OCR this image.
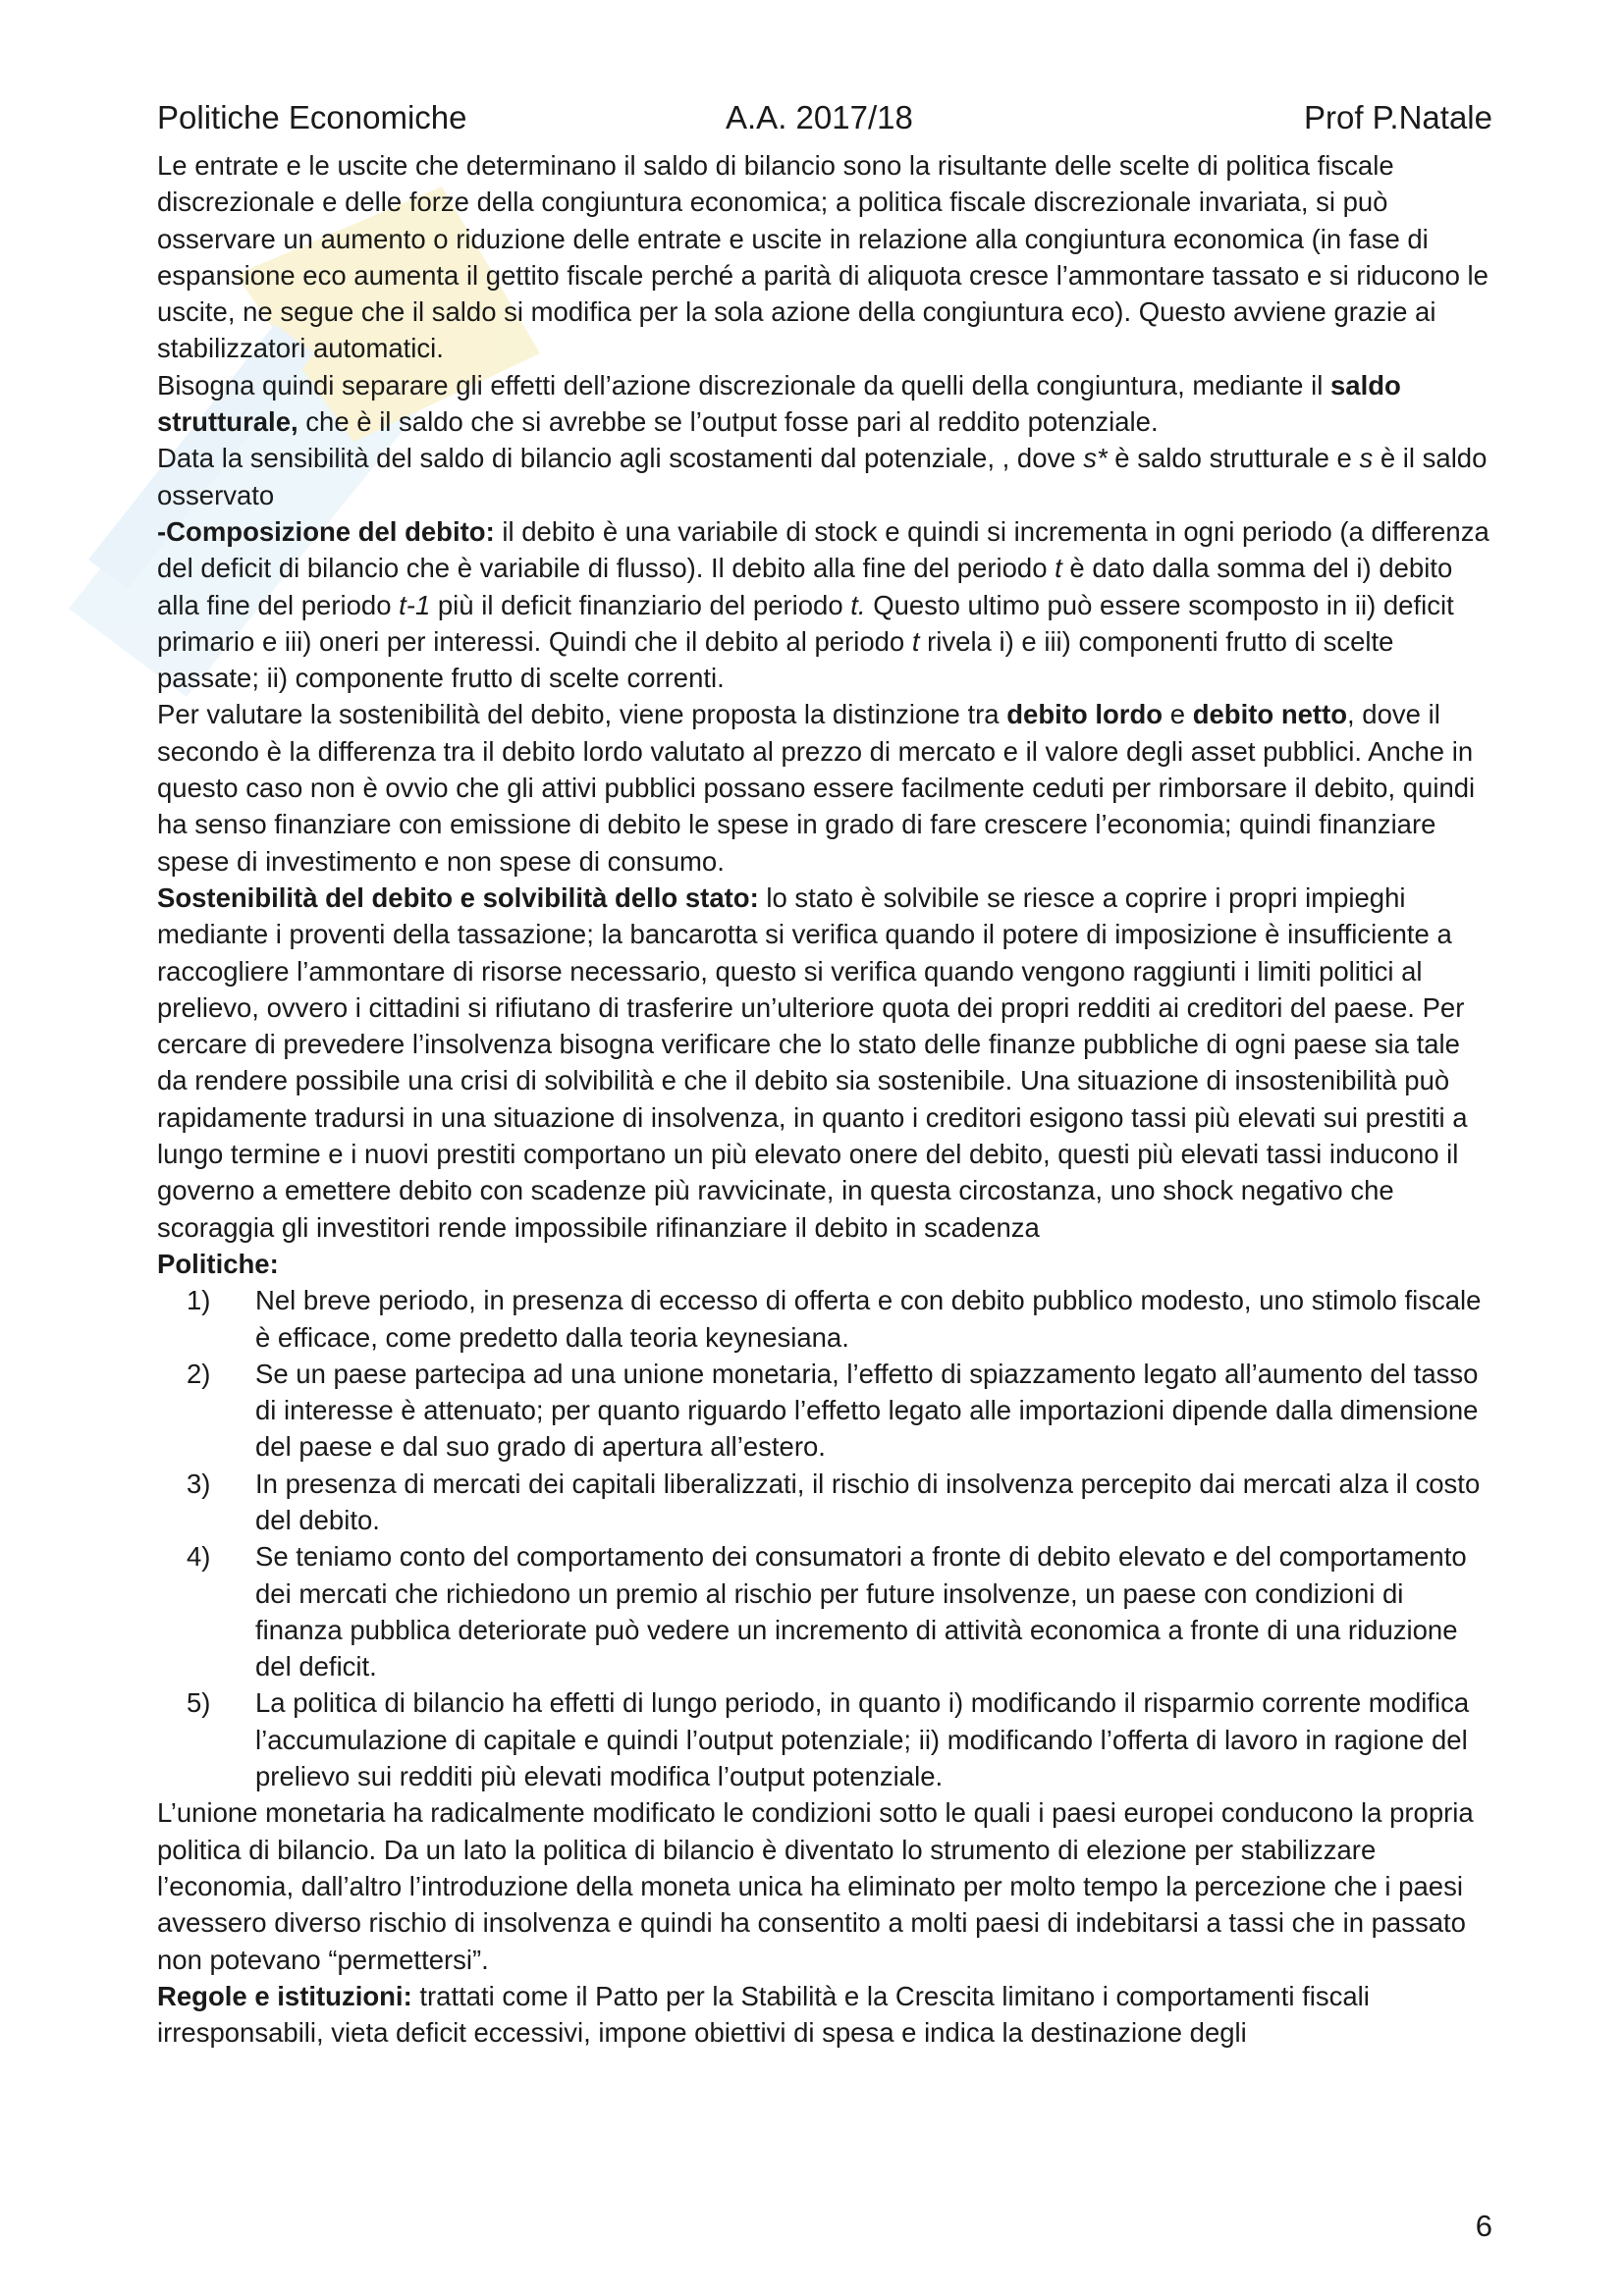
Politiche Economiche	A.A. 2017/18	Prof P.Natale

Le entrate e le uscite che determinano il saldo di bilancio sono la risultante delle scelte di politica fiscale discrezionale e delle forze della congiuntura economica; a politica fiscale discrezionale invariata, si può osservare un aumento o riduzione delle entrate e uscite in relazione alla congiuntura economica (in fase di espansione eco aumenta il gettito fiscale perché a parità di aliquota cresce l’ammontare tassato e si riducono le uscite, ne segue che il saldo si modifica per la sola azione della congiuntura eco). Questo avviene grazie ai stabilizzatori automatici.

Bisogna quindi separare gli effetti dell’azione discrezionale da quelli della congiuntura, mediante il saldo strutturale, che è il saldo che si avrebbe se l’output fosse pari al reddito potenziale.

Data la sensibilità del saldo di bilancio agli scostamenti dal potenziale, , dove s* è saldo strutturale e s è il saldo osservato

-Composizione del debito: il debito è una variabile di stock e quindi si incrementa in ogni periodo (a differenza del deficit di bilancio che è variabile di flusso). Il debito alla fine del periodo t è dato dalla somma del i) debito alla fine del periodo t-1 più il deficit finanziario del periodo t. Questo ultimo può essere scomposto in ii) deficit primario e iii) oneri per interessi. Quindi che il debito al periodo t rivela i) e iii) componenti frutto di scelte passate; ii) componente frutto di scelte correnti.

Per valutare la sostenibilità del debito, viene proposta la distinzione tra debito lordo e debito netto, dove il secondo è la differenza tra il debito lordo valutato al prezzo di mercato e il valore degli asset pubblici. Anche in questo caso non è ovvio che gli attivi pubblici possano essere facilmente ceduti per rimborsare il debito, quindi ha senso finanziare con emissione di debito le spese in grado di fare crescere l’economia; quindi finanziare spese di investimento e non spese di consumo.

Sostenibilità del debito e solvibilità dello stato: lo stato è solvibile se riesce a coprire i propri impieghi mediante i proventi della tassazione; la bancarotta si verifica quando il potere di imposizione è insufficiente a raccogliere l’ammontare di risorse necessario, questo si verifica quando vengono raggiunti i limiti politici al prelievo, ovvero i cittadini si rifiutano di trasferire un’ulteriore quota dei propri redditi ai creditori del paese. Per cercare di prevedere l’insolvenza bisogna verificare che lo stato delle finanze pubbliche di ogni paese sia tale da rendere possibile una crisi di solvibilità e che il debito sia sostenibile. Una situazione di insostenibilità può rapidamente tradursi in una situazione di insolvenza, in quanto i creditori esigono tassi più elevati sui prestiti a lungo termine e i nuovi prestiti comportano un più elevato onere del debito, questi più elevati tassi inducono il governo a emettere debito con scadenze più ravvicinate, in questa circostanza, uno shock negativo che scoraggia gli investitori rende impossibile rifinanziare il debito in scadenza

Politiche:

1) Nel breve periodo, in presenza di eccesso di offerta e con debito pubblico modesto, uno stimolo fiscale è efficace, come predetto dalla teoria keynesiana.
2) Se un paese partecipa ad una unione monetaria, l’effetto di spiazzamento legato all’aumento del tasso di interesse è attenuato; per quanto riguardo l’effetto legato alle importazioni dipende dalla dimensione del paese e dal suo grado di apertura all’estero.
3) In presenza di mercati dei capitali liberalizzati, il rischio di insolvenza percepito dai mercati alza il costo del debito.
4) Se teniamo conto del comportamento dei consumatori a fronte di debito elevato e del comportamento dei mercati che richiedono un premio al rischio per future insolvenze, un paese con condizioni di finanza pubblica deteriorate può vedere un incremento di attività economica a fronte di una riduzione del deficit.
5) La politica di bilancio ha effetti di lungo periodo, in quanto i) modificando il risparmio corrente modifica l’accumulazione di capitale e quindi l’output potenziale; ii) modificando l’offerta di lavoro in ragione del prelievo sui redditi più elevati modifica l’output potenziale.

L’unione monetaria ha radicalmente modificato le condizioni sotto le quali i paesi europei conducono la propria politica di bilancio. Da un lato la politica di bilancio è diventato lo strumento di elezione per stabilizzare l’economia, dall’altro l’introduzione della moneta unica ha eliminato per molto tempo la percezione che i paesi avessero diverso rischio di insolvenza e quindi ha consentito a molti paesi di indebitarsi a tassi che in passato non potevano “permettersi”.

Regole e istituzioni: trattati come il Patto per la Stabilità e la Crescita limitano i comportamenti fiscali irresponsabili, vieta deficit eccessivi, impone obiettivi di spesa e indica la destinazione degli

6
